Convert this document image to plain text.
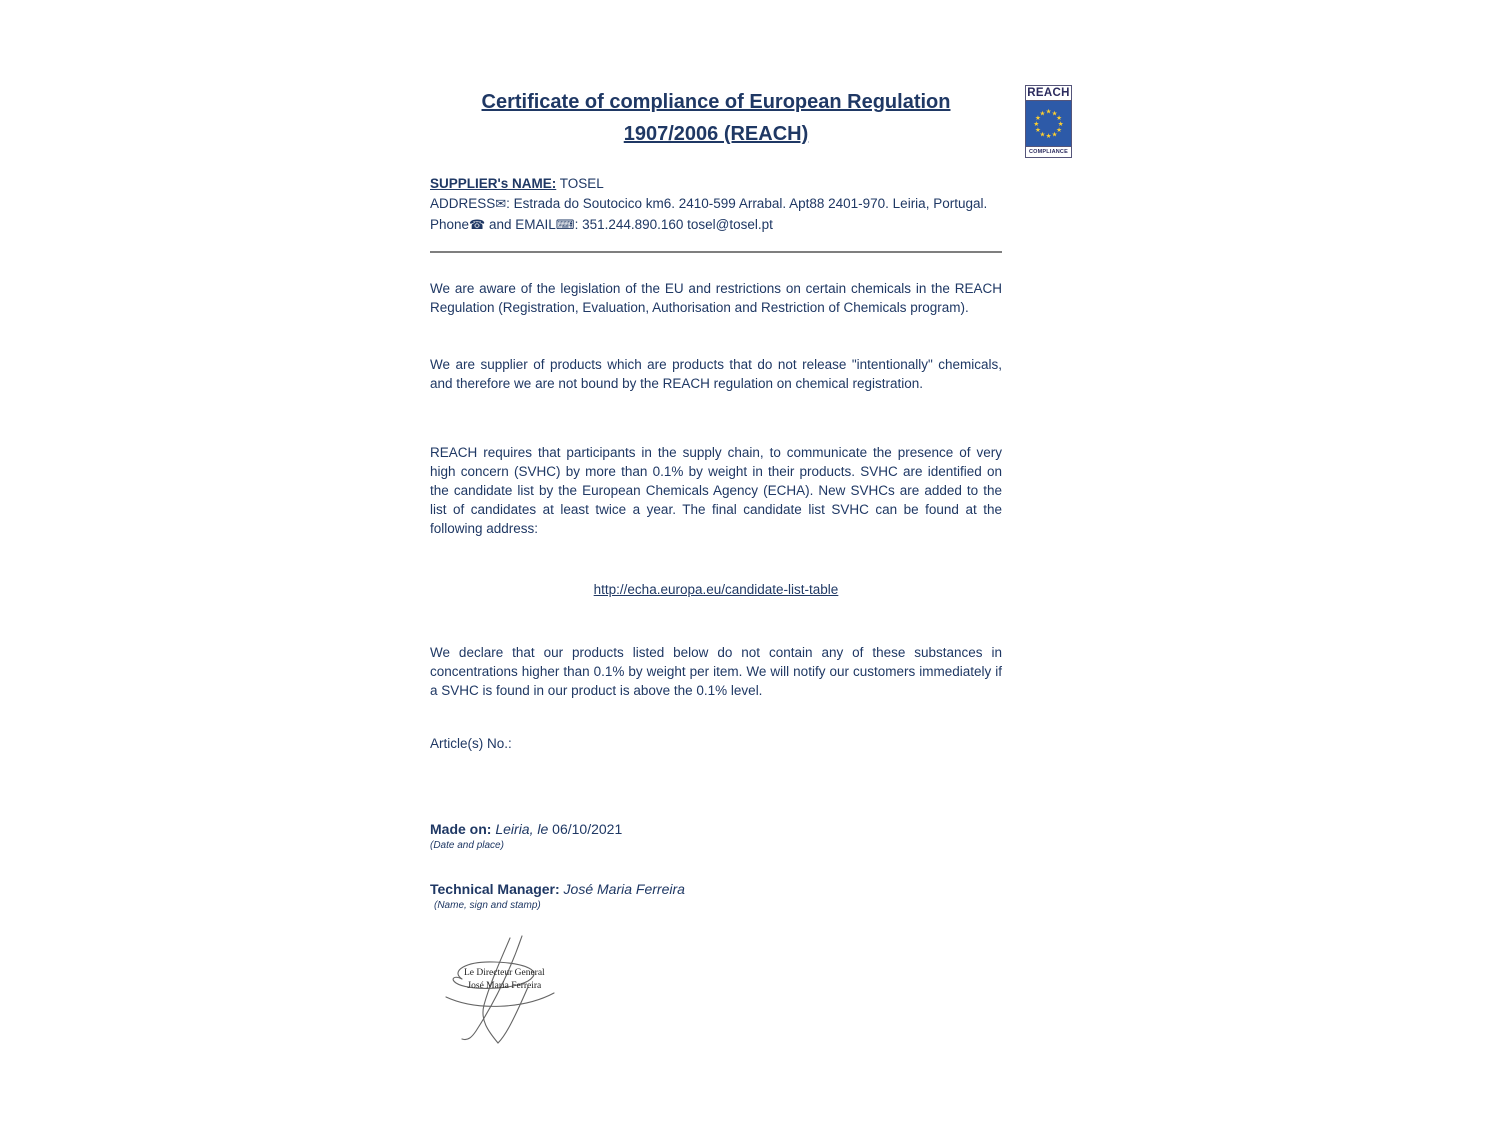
REACH
★ ★
★
★
★
★
★
★
★
★
★
★
COMPLIANCE
Certificate of compliance of European Regulation
1907/2006 (REACH)
SUPPLIER's NAME: TOSEL
ADDRESS✉: Estrada do Soutocico km6. 2410-599 Arrabal. Apt88 2401-970. Leiria, Portugal.
Phone☎ and EMAIL⌨: 351.244.890.160 tosel@tosel.pt

We are aware of the legislation of the EU and restrictions on certain chemicals in the REACH Regulation (Registration, Evaluation, Authorisation and Restriction of Chemicals program).

We are supplier of products which are products that do not release "intentionally" chemicals, and therefore we are not bound by the REACH regulation on chemical registration.

REACH requires that participants in the supply chain, to communicate the presence of very high concern (SVHC) by more than 0.1% by weight in their products. SVHC are identified on the candidate list by the European Chemicals Agency (ECHA). New SVHCs are added to the list of candidates at least twice a year. The final candidate list SVHC can be found at the following address:

http://echa.europa.eu/candidate-list-table

We declare that our products listed below do not contain any of these substances in concentrations higher than 0.1% by weight per item. We will notify our customers immediately if a SVHC is found in our product is above the 0.1% level.

Article(s) No.:
Made on: Leiria, le 06/10/2021
(Date and place)
Technical Manager: José Maria Ferreira
(Name, sign and stamp)
Le Directeur General
José Maria Ferreira
